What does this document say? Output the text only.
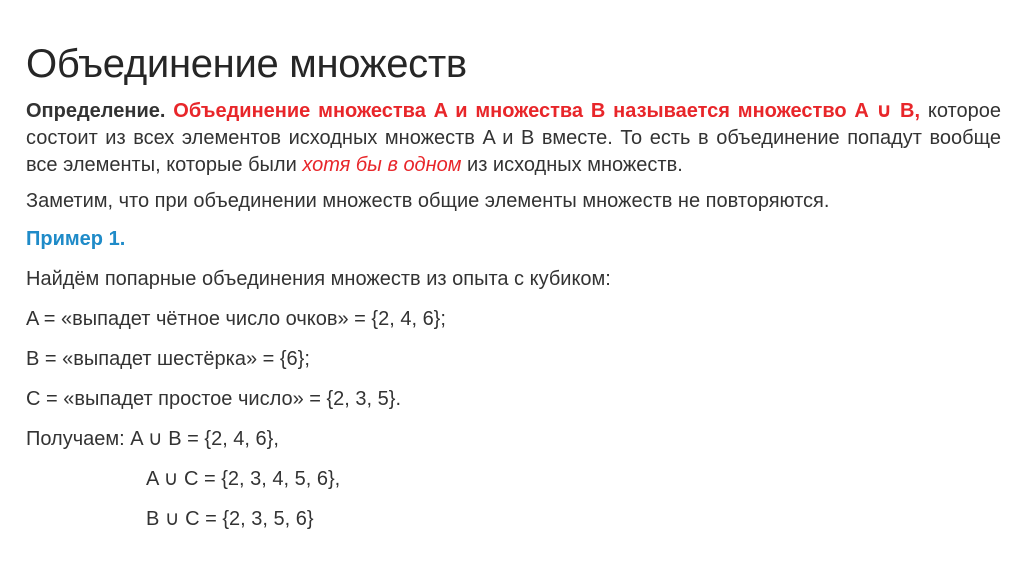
Объединение множеств

Определение. Объединение множества A и множества B называется множество A ∪ B, которое состоит из всех элементов исходных множеств A и B вместе. То есть в объединение попадут вообще все элементы, которые были хотя бы в одном из исходных множеств.

Заметим, что при объединении множеств общие элементы множеств не повторяются.

Пример 1.

Найдём попарные объединения множеств из опыта с кубиком:

A = «выпадет чётное число очков» = {2, 4, 6};

B = «выпадет шестёрка» = {6};

C = «выпадет простое число» = {2, 3, 5}.

Получаем: A ∪ B = {2, 4, 6},

A ∪ C = {2, 3, 4, 5, 6},

B ∪ C = {2, 3, 5, 6}
